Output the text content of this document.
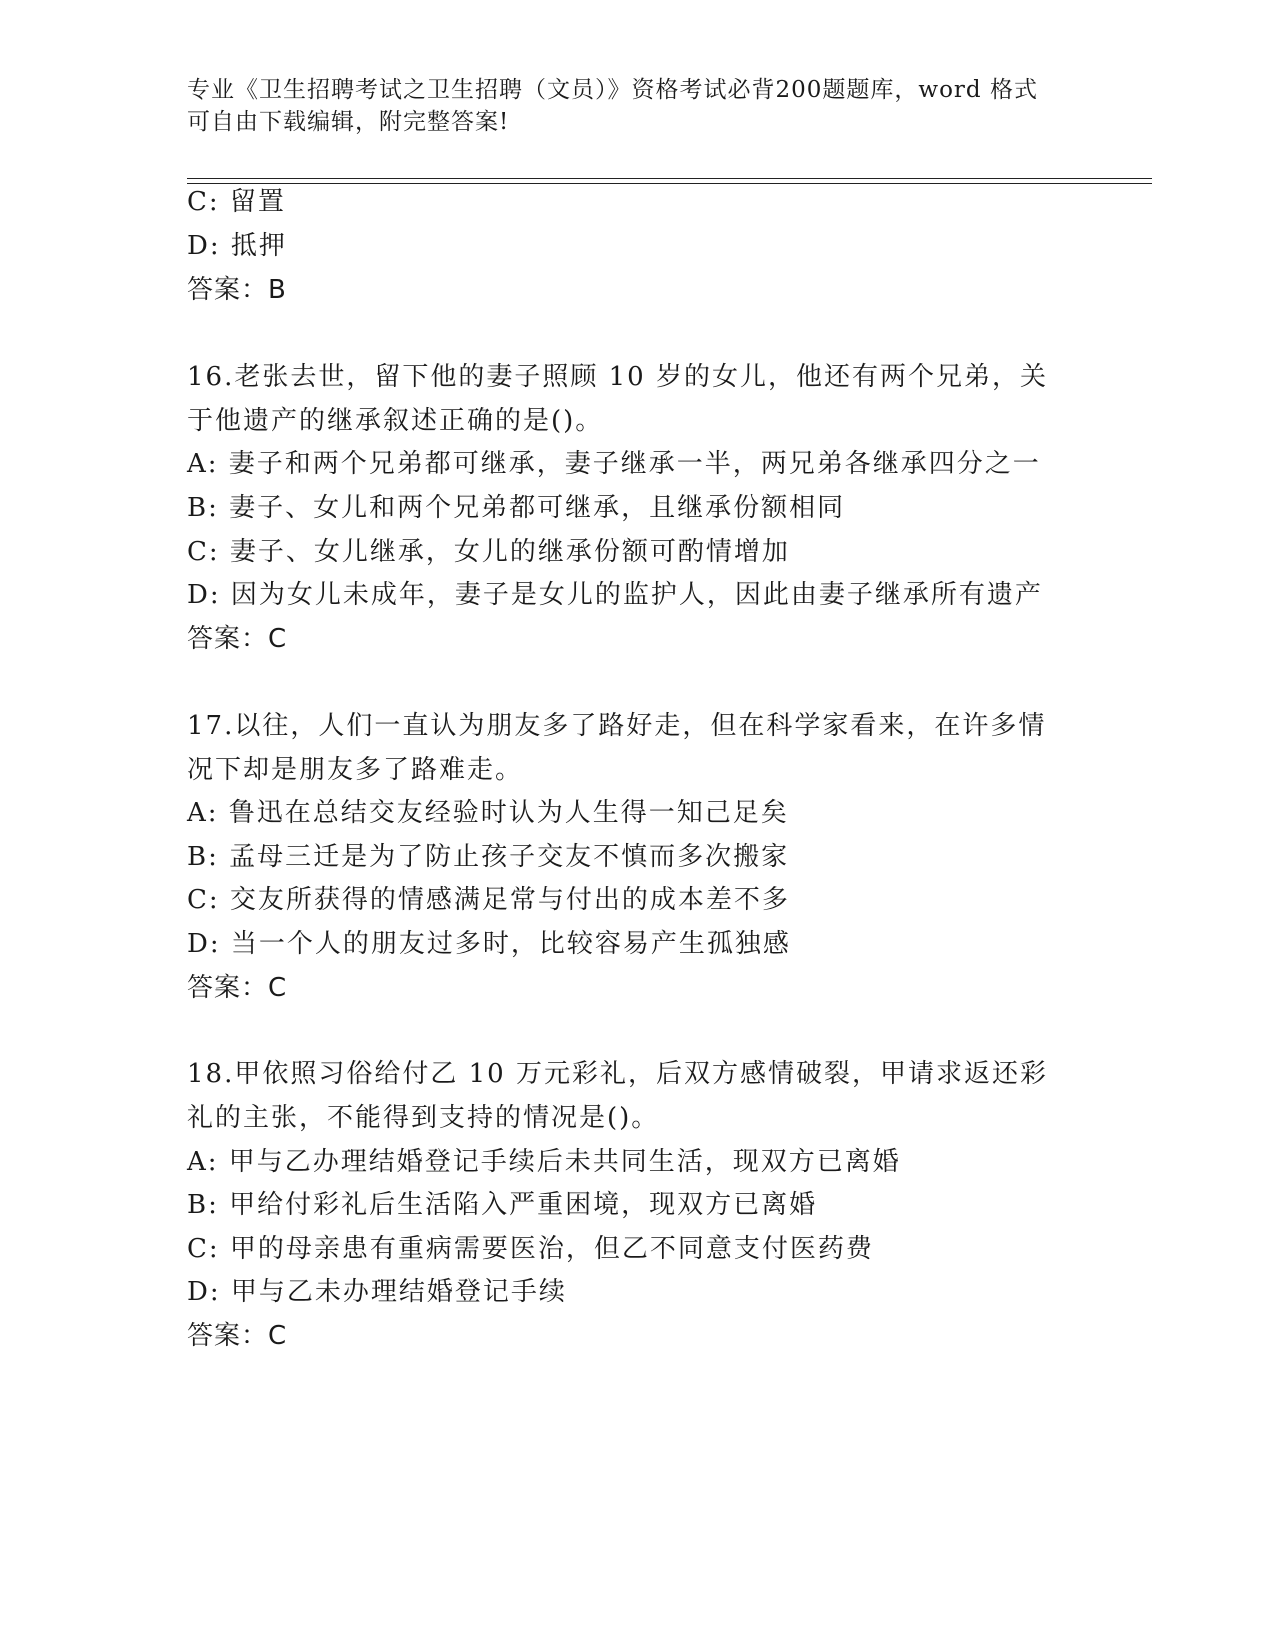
专业《卫生招聘考试之卫生招聘（文员）》资格考试必背200题题库，word 格式
可自由下载编辑，附完整答案!
C: 留置
D: 抵押
答案：B
16.老张去世，留下他的妻子照顾 10 岁的女儿，他还有两个兄弟，关
于他遗产的继承叙述正确的是()。
A: 妻子和两个兄弟都可继承，妻子继承一半，两兄弟各继承四分之一
B: 妻子、女儿和两个兄弟都可继承，且继承份额相同
C: 妻子、女儿继承，女儿的继承份额可酌情增加
D: 因为女儿未成年，妻子是女儿的监护人，因此由妻子继承所有遗产
答案：C
17.以往，人们一直认为朋友多了路好走，但在科学家看来，在许多情
况下却是朋友多了路难走。
A: 鲁迅在总结交友经验时认为人生得一知己足矣
B: 孟母三迁是为了防止孩子交友不慎而多次搬家
C: 交友所获得的情感满足常与付出的成本差不多
D: 当一个人的朋友过多时，比较容易产生孤独感
答案：C
18.甲依照习俗给付乙 10 万元彩礼，后双方感情破裂，甲请求返还彩
礼的主张，不能得到支持的情况是()。
A: 甲与乙办理结婚登记手续后未共同生活，现双方已离婚
B: 甲给付彩礼后生活陷入严重困境，现双方已离婚
C: 甲的母亲患有重病需要医治，但乙不同意支付医药费
D: 甲与乙未办理结婚登记手续
答案：C
